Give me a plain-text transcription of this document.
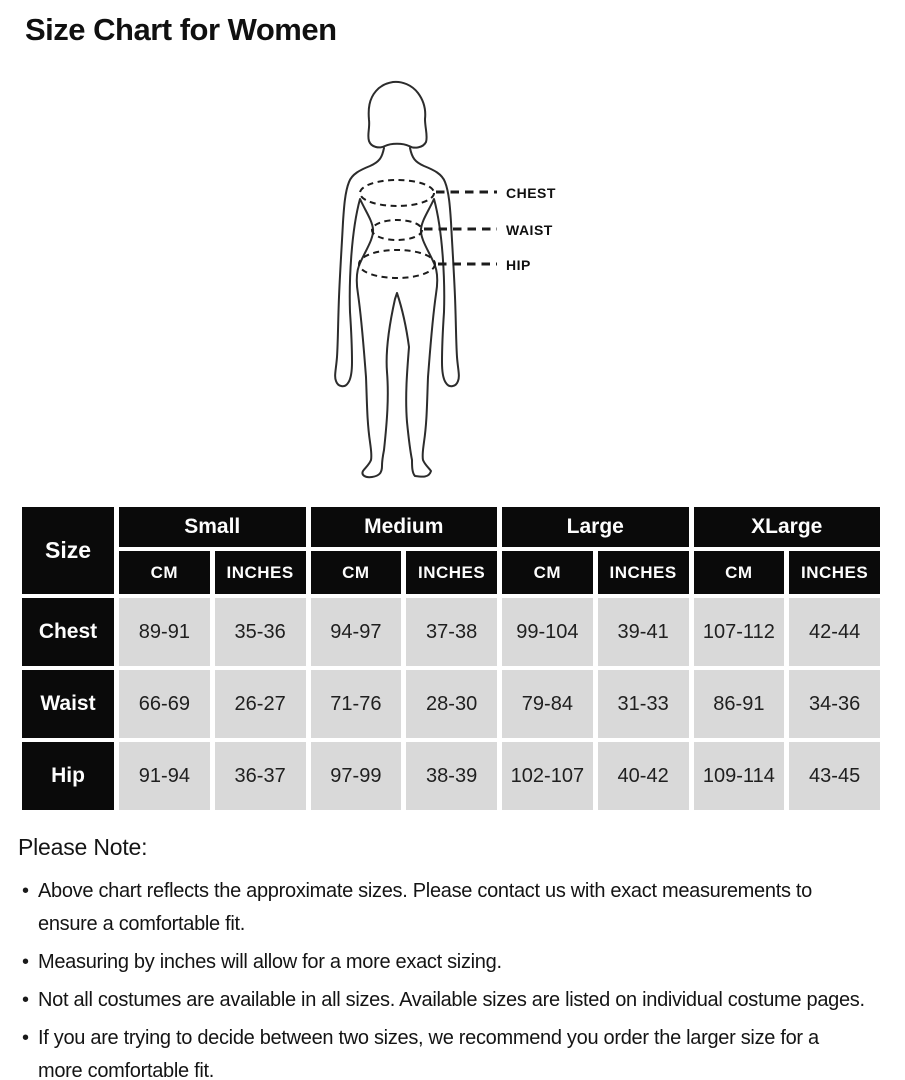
Size Chart for Women
CHEST
WAIST
HIP
Size	Small		Medium		Large		XLarge	
	CM	INCHES	CM	INCHES	CM	INCHES	CM	INCHES
Chest	89-91	35-36	94-97	37-38	99-104	39-41	107-112	42-44
Waist	66-69	26-27	71-76	28-30	79-84	31-33	86-91	34-36
Hip	91-94	36-37	97-99	38-39	102-107	40-42	109-114	43-45

Please Note:

• Above chart reflects the approximate sizes. Please contact us with exact measurements to ensure a comfortable fit.
• Measuring by inches will allow for a more exact sizing.
• Not all costumes are available in all sizes. Available sizes are listed on individual costume pages.
• If you are trying to decide between two sizes, we recommend you order the larger size for a more comfortable fit.
